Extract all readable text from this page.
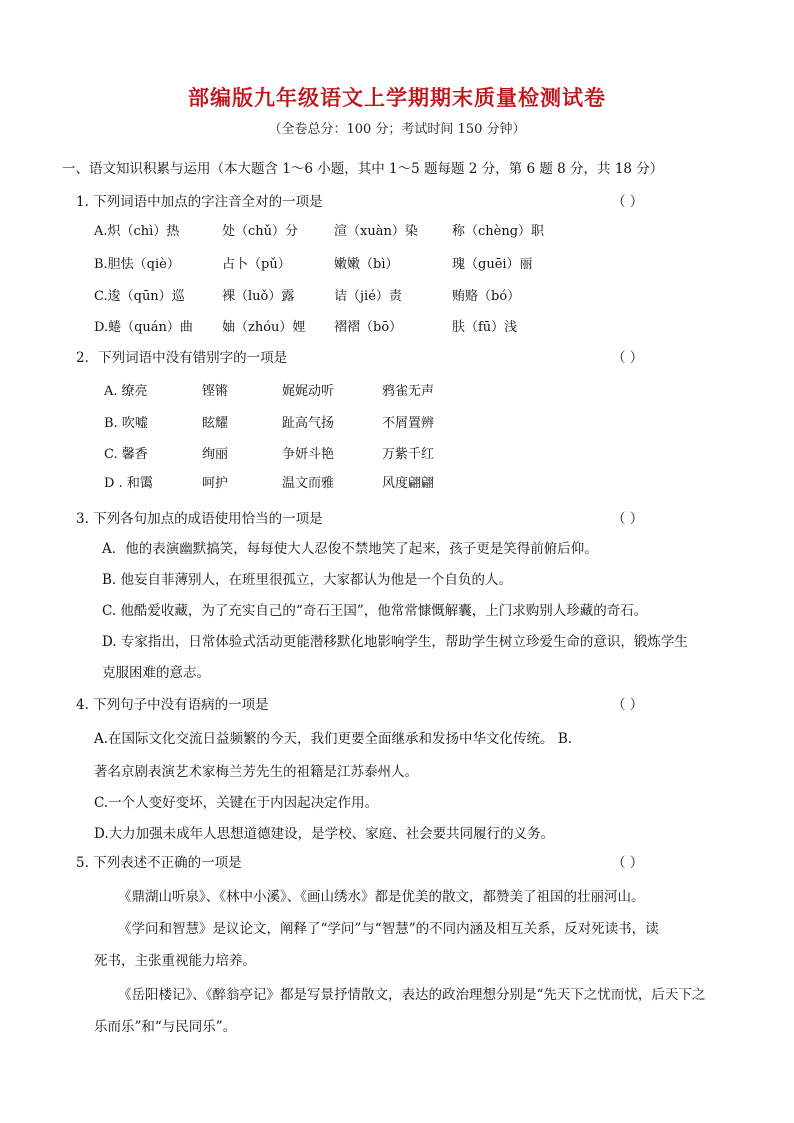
部编版九年级语文上学期期末质量检测试卷
（全卷总分：100 分；考试时间 150 分钟）
一、语文知识积累与运用（本大题含 1～6 小题，其中 1～5 题每题 2 分，第 6 题 8 分，共 18 分）
1. 下列词语中加点的字注音全对的一项是	（ ）
A.炽（chì）热	处（chǔ）分	渲（xuàn）染	称（chèng）职
B.胆怯（qiè）	占卜（pǔ）	嫩嫩（bì）	瑰（guēi）丽
C.逡（qūn）巡	裸（luǒ）露	诘（jié）责	贿赂（bó）
D.蜷（quán）曲 妯（zhóu）娌 褶褶（bō）	肤（fū）浅
2．下列词语中没有错别字的一项是	（ ）
A. 缭亮	铿锵	娓娓动听	鸦雀无声
B. 吹嘘	眩耀	趾高气扬	不屑置辨
C. 馨香	绚丽	争妍斗艳	万紫千红
D . 和霭	呵护	温文而雅	风度翩翩
3. 下列各句加点的成语使用恰当的一项是	（ ）
A．他的表演幽默搞笑，每每使大人忍俊不禁地笑了起来，孩子更是笑得前俯后仰。
B. 他妄自菲薄别人，在班里很孤立，大家都认为他是一个自负的人。
C. 他酷爱收藏，为了充实自己的“奇石王国”，他常常慷慨解囊，上门求购别人珍藏的奇石。
D. 专家指出，日常体验式活动更能潜移默化地影响学生，帮助学生树立珍爱生命的意识，锻炼学生
克服困难的意志。
4. 下列句子中没有语病的一项是	（ ）
A.在国际文化交流日益频繁的今天，我们更要全面继承和发扬中华文化传统。 B.
著名京剧表演艺术家梅兰芳先生的祖籍是江苏泰州人。
C.一个人变好变坏，关键在于内因起决定作用。
D.大力加强未成年人思想道德建设，是学校、家庭、社会要共同履行的义务。
5. 下列表述不正确的一项是	（ ）
《鼎湖山听泉》、《林中小溪》、《画山绣水》都是优美的散文，都赞美了祖国的壮丽河山。
《学问和智慧》是议论文，阐释了“学问”与“智慧”的不同内涵及相互关系，反对死读书，读
死书，主张重视能力培养。
《岳阳楼记》、《醉翁亭记》都是写景抒情散文，表达的政治理想分别是“先天下之忧而忧，后天下之
乐而乐”和“与民同乐”。
